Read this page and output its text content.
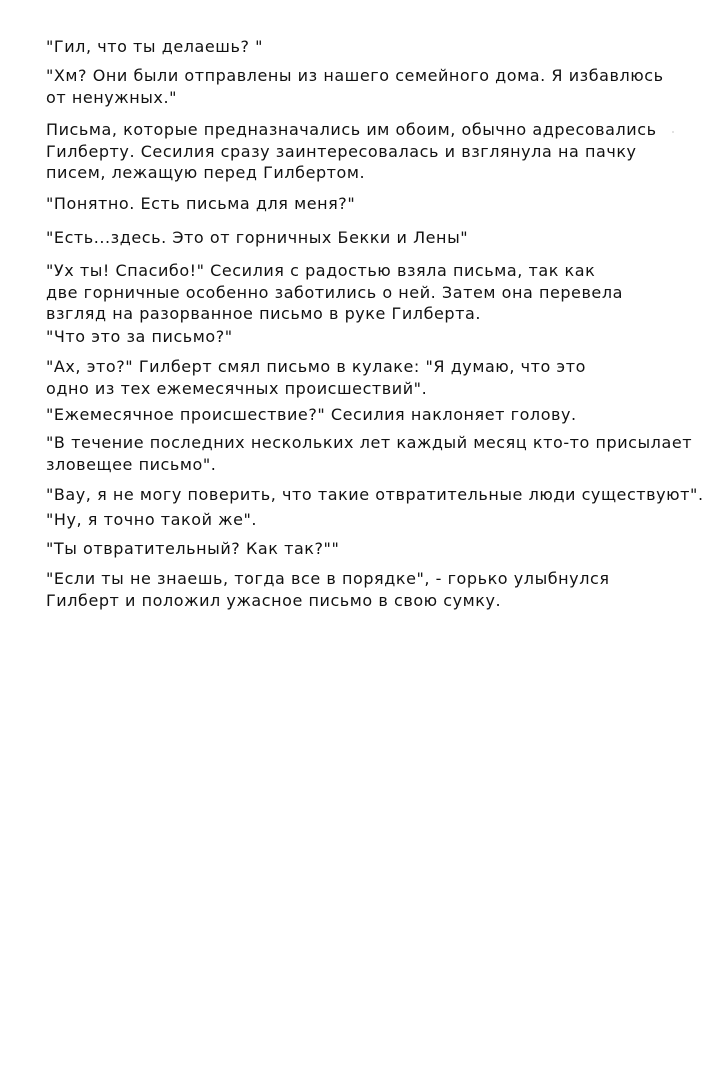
"Гил, что ты делаешь? "

"Хм? Они были отправлены из нашего семейного дома. Я избавлюсь
от ненужных."

Письма, которые предназначались им обоим, обычно адресовались
Гилберту. Сесилия сразу заинтересовалась и взглянула на пачку
писем, лежащую перед Гилбертом.

"Понятно. Есть письма для меня?"

"Есть...здесь. Это от горничных Бекки и Лены"

"Ух ты! Спасибо!" Сесилия с радостью взяла письма, так как
две горничные особенно заботились о ней. Затем она перевела
взгляд на разорванное письмо в руке Гилберта.

"Что это за письмо?"

"Ах, это?" Гилберт смял письмо в кулаке: "Я думаю, что это
одно из тех ежемесячных происшествий".

"Ежемесячное происшествие?" Сесилия наклоняет голову.

"В течение последних нескольких лет каждый месяц кто-то присылает
зловещее письмо".

"Вау, я не могу поверить, что такие отвратительные люди существуют".

"Ну, я точно такой же".

"Ты отвратительный? Как так?""

"Если ты не знаешь, тогда все в порядке", - горько улыбнулся
Гилберт и положил ужасное письмо в свою сумку.
